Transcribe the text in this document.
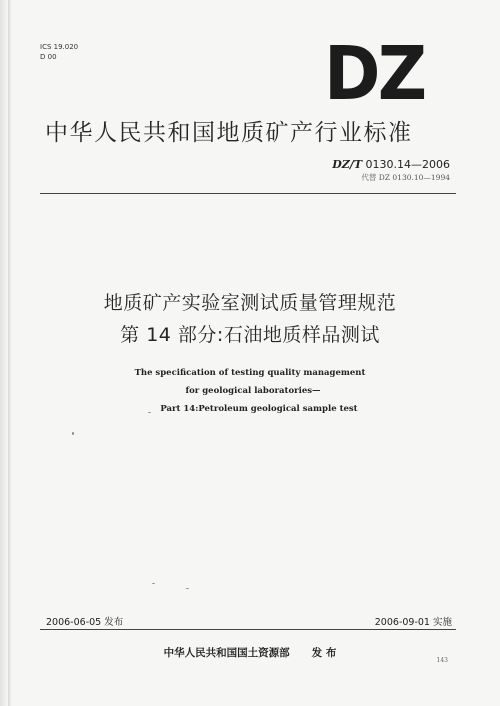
ICS 19.020
D 00	DZ
中华人民共和国地质矿产行业标准
DZ/T 0130.14—2006
代替 DZ 0130.10—1994
地质矿产实验室测试质量管理规范
第 14 部分:石油地质样品测试
The specification of testing quality management
for geological laboratories—
Part 14:Petroleum geological sample test
2006-06-05 发布	2006-09-01 实施
中华人民共和国国土资源部 发 布
143
